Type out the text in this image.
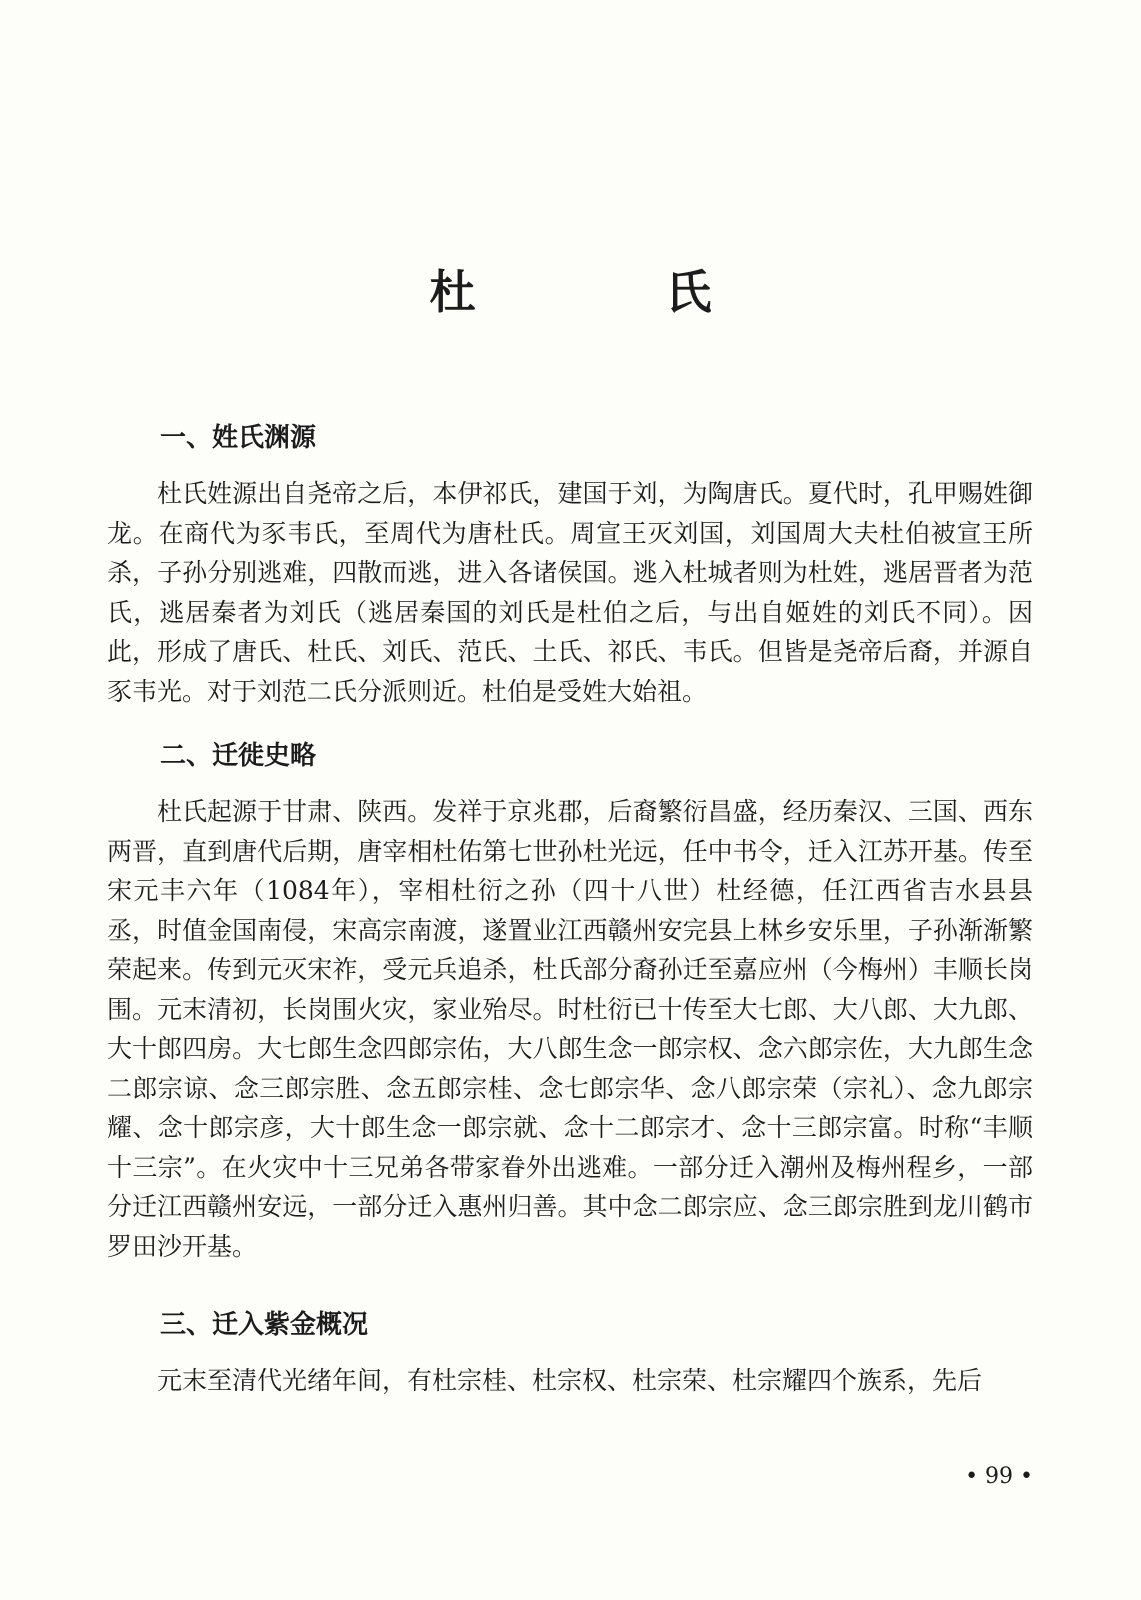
杜　氏
一、姓氏渊源

杜氏姓源出自尧帝之后，本伊祁氏，建国于刘，为陶唐氏。夏代时，孔甲赐姓御龙。在商代为豕韦氏，至周代为唐杜氏。周宣王灭刘国，刘国周大夫杜伯被宣王所杀，子孙分别逃难，四散而逃，进入各诸侯国。逃入杜城者则为杜姓，逃居晋者为范氏，逃居秦者为刘氏（逃居秦国的刘氏是杜伯之后，与出自姬姓的刘氏不同）。因此，形成了唐氏、杜氏、刘氏、范氏、土氏、祁氏、韦氏。但皆是尧帝后裔，并源自豕韦光。对于刘范二氏分派则近。杜伯是受姓大始祖。

二、迁徙史略

杜氏起源于甘肃、陕西。发祥于京兆郡，后裔繁衍昌盛，经历秦汉、三国、西东两晋，直到唐代后期，唐宰相杜佑第七世孙杜光远，任中书令，迁入江苏开基。传至宋元丰六年（1084年），宰相杜衍之孙（四十八世）杜经德，任江西省吉水县县丞，时值金国南侵，宋高宗南渡，遂置业江西赣州安完县上林乡安乐里，子孙渐渐繁荣起来。传到元灭宋祚，受元兵追杀，杜氏部分裔孙迁至嘉应州（今梅州）丰顺长岗围。元末清初，长岗围火灾，家业殆尽。时杜衍已十传至大七郎、大八郎、大九郎、大十郎四房。大七郎生念四郎宗佑，大八郎生念一郎宗权、念六郎宗佐，大九郎生念二郎宗谅、念三郎宗胜、念五郎宗桂、念七郎宗华、念八郎宗荣（宗礼）、念九郎宗耀、念十郎宗彦，大十郎生念一郎宗就、念十二郎宗才、念十三郎宗富。时称“丰顺十三宗”。在火灾中十三兄弟各带家眷外出逃难。一部分迁入潮州及梅州程乡，一部分迁江西赣州安远，一部分迁入惠州归善。其中念二郎宗应、念三郎宗胜到龙川鹤市罗田沙开基。

三、迁入紫金概况

元末至清代光绪年间，有杜宗桂、杜宗权、杜宗荣、杜宗耀四个族系，先后

• 99 •
